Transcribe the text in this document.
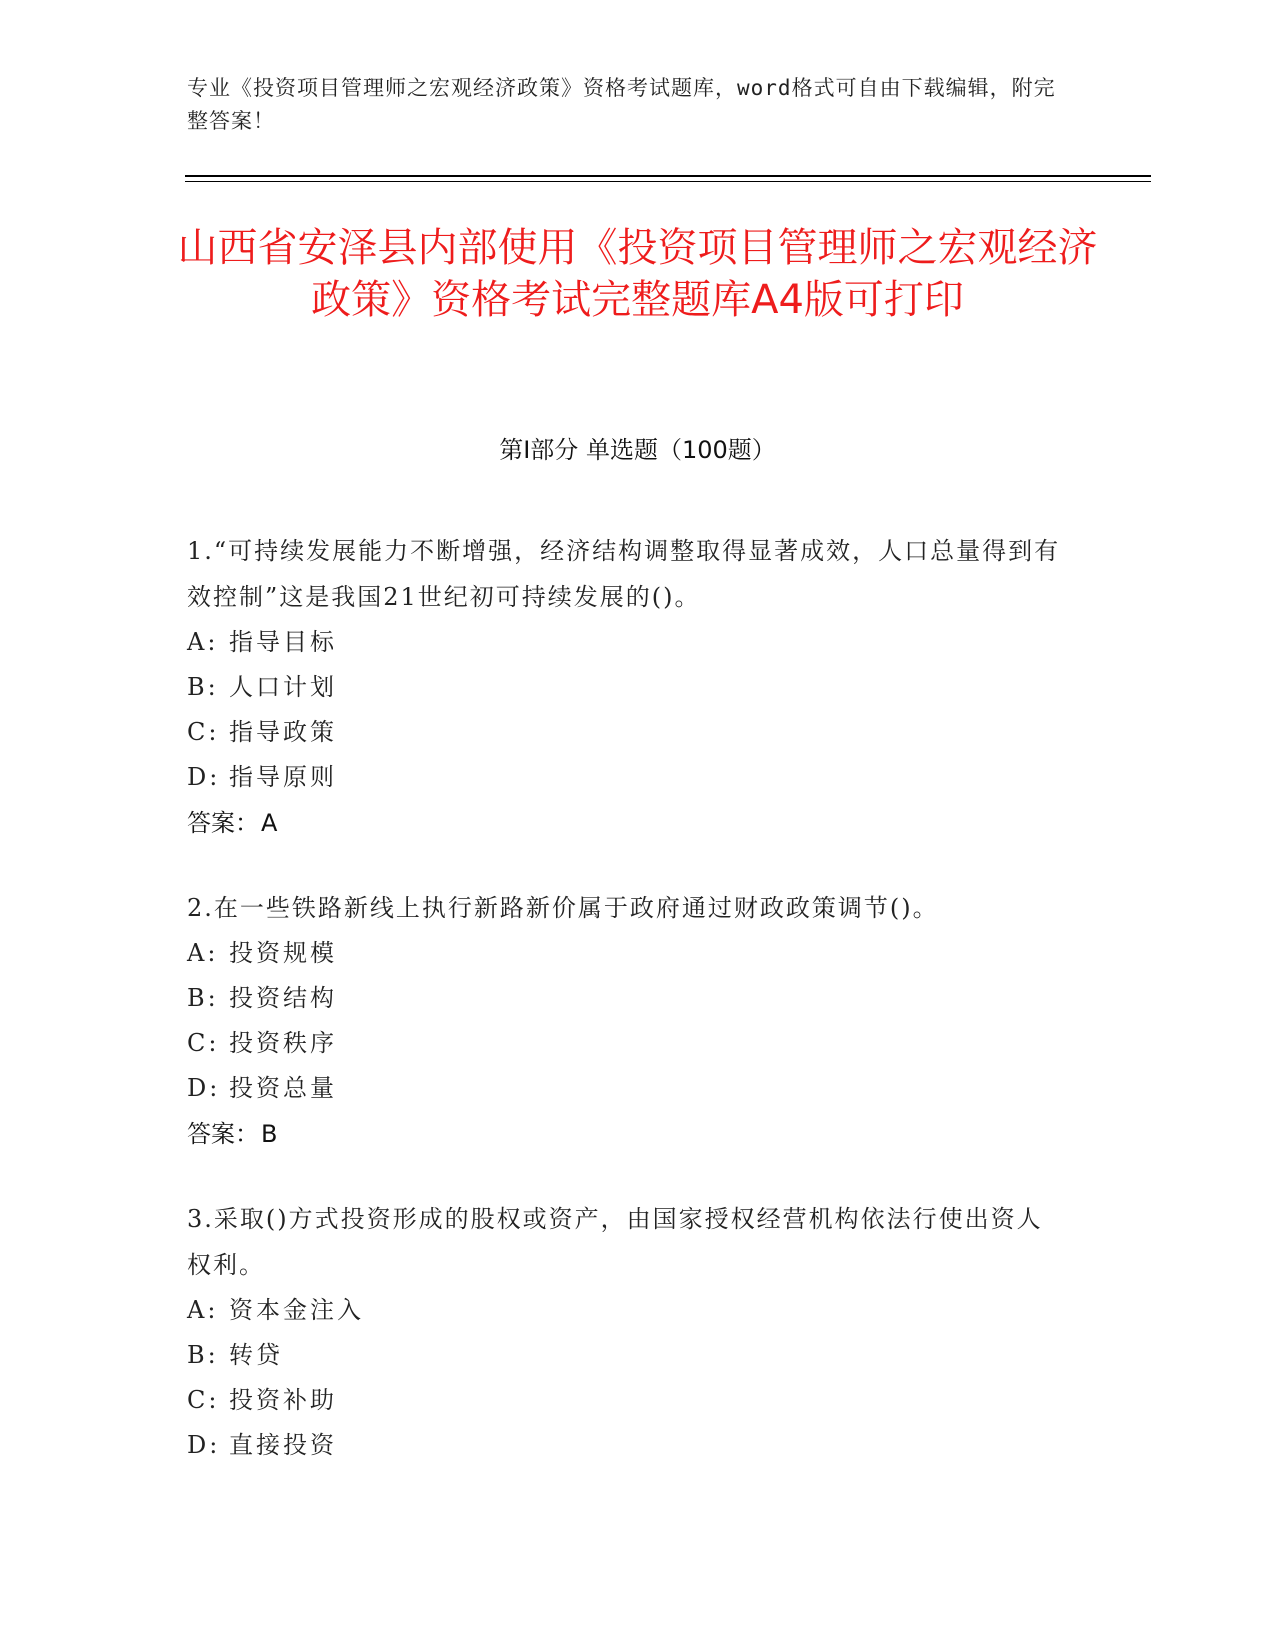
专业《投资项目管理师之宏观经济政策》资格考试题库，word格式可自由下载编辑，附完整答案！
山西省安泽县内部使用《投资项目管理师之宏观经济政策》资格考试完整题库A4版可打印
第Ⅰ部分 单选题（100题）
1.“可持续发展能力不断增强，经济结构调整取得显著成效，人口总量得到有效控制”这是我国21世纪初可持续发展的()。
A: 指导目标
B: 人口计划
C: 指导政策
D: 指导原则
答案：A
2.在一些铁路新线上执行新路新价属于政府通过财政政策调节()。
A: 投资规模
B: 投资结构
C: 投资秩序
D: 投资总量
答案：B
3.采取()方式投资形成的股权或资产，由国家授权经营机构依法行使出资人权利。
A: 资本金注入
B: 转贷
C: 投资补助
D: 直接投资
